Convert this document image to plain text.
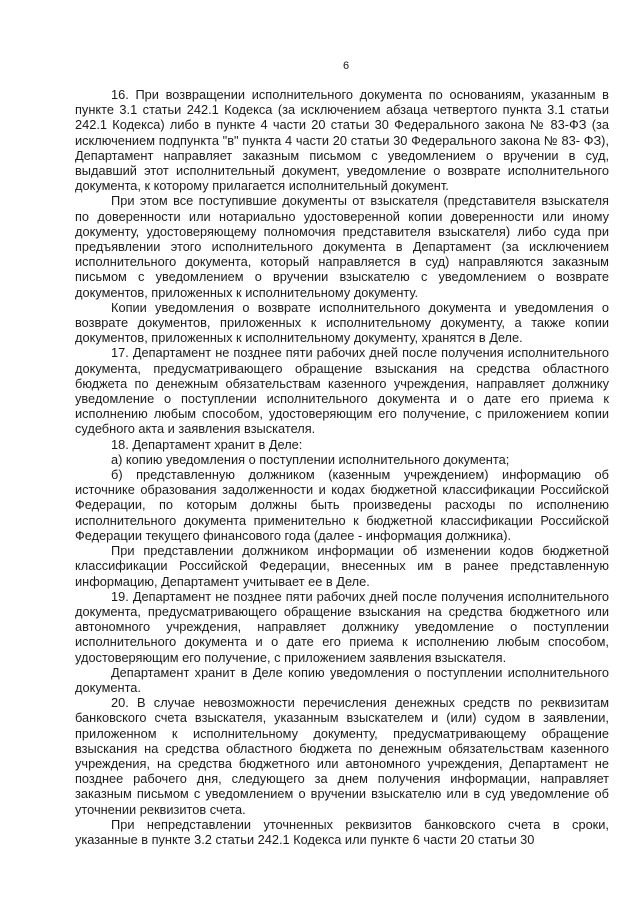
6

16. При возвращении исполнительного документа по основаниям, указанным в пункте 3.1 статьи 242.1 Кодекса (за исключением абзаца четвертого пункта 3.1 статьи 242.1 Кодекса) либо в пункте 4 части 20 статьи 30 Федерального закона № 83-ФЗ (за исключением подпункта "в" пункта 4 части 20 статьи 30 Федерального закона № 83- ФЗ), Департамент направляет заказным письмом с уведомлением о вручении в суд, выдавший этот исполнительный документ, уведомление о возврате исполнительного документа, к которому прилагается исполнительный документ.

При этом все поступившие документы от взыскателя (представителя взыскателя по доверенности или нотариально удостоверенной копии доверенности или иному документу, удостоверяющему полномочия представителя взыскателя) либо суда при предъявлении этого исполнительного документа в Департамент (за исключением исполнительного документа, который направляется в суд) направляются заказным письмом с уведомлением о вручении взыскателю с уведомлением о возврате документов, приложенных к исполнительному документу.

Копии уведомления о возврате исполнительного документа и уведомления о возврате документов, приложенных к исполнительному документу, а также копии документов, приложенных к исполнительному документу, хранятся в Деле.

17. Департамент не позднее пяти рабочих дней после получения исполнительного документа, предусматривающего обращение взыскания на средства областного бюджета по денежным обязательствам казенного учреждения, направляет должнику уведомление о поступлении исполнительного документа и о дате его приема к исполнению любым способом, удостоверяющим его получение, с приложением копии судебного акта и заявления взыскателя.

18. Департамент хранит в Деле:

а) копию уведомления о поступлении исполнительного документа;

б) представленную должником (казенным учреждением) информацию об источнике образования задолженности и кодах бюджетной классификации Российской Федерации, по которым должны быть произведены расходы по исполнению исполнительного документа применительно к бюджетной классификации Российской Федерации текущего финансового года (далее - информация должника).

При представлении должником информации об изменении кодов бюджетной классификации Российской Федерации, внесенных им в ранее представленную информацию, Департамент учитывает ее в Деле.

19. Департамент не позднее пяти рабочих дней после получения исполнительного документа, предусматривающего обращение взыскания на средства бюджетного или автономного учреждения, направляет должнику уведомление о поступлении исполнительного документа и о дате его приема к исполнению любым способом, удостоверяющим его получение, с приложением заявления взыскателя.

Департамент хранит в Деле копию уведомления о поступлении исполнительного документа.

20. В случае невозможности перечисления денежных средств по реквизитам банковского счета взыскателя, указанным взыскателем и (или) судом в заявлении, приложенном к исполнительному документу, предусматривающему обращение взыскания на средства областного бюджета по денежным обязательствам казенного учреждения, на средства бюджетного или автономного учреждения, Департамент не позднее рабочего дня, следующего за днем получения информации, направляет заказным письмом с уведомлением о вручении взыскателю или в суд уведомление об уточнении реквизитов счета.

При непредставлении уточненных реквизитов банковского счета в сроки, указанные в пункте 3.2 статьи 242.1 Кодекса или пункте 6 части 20 статьи 30
